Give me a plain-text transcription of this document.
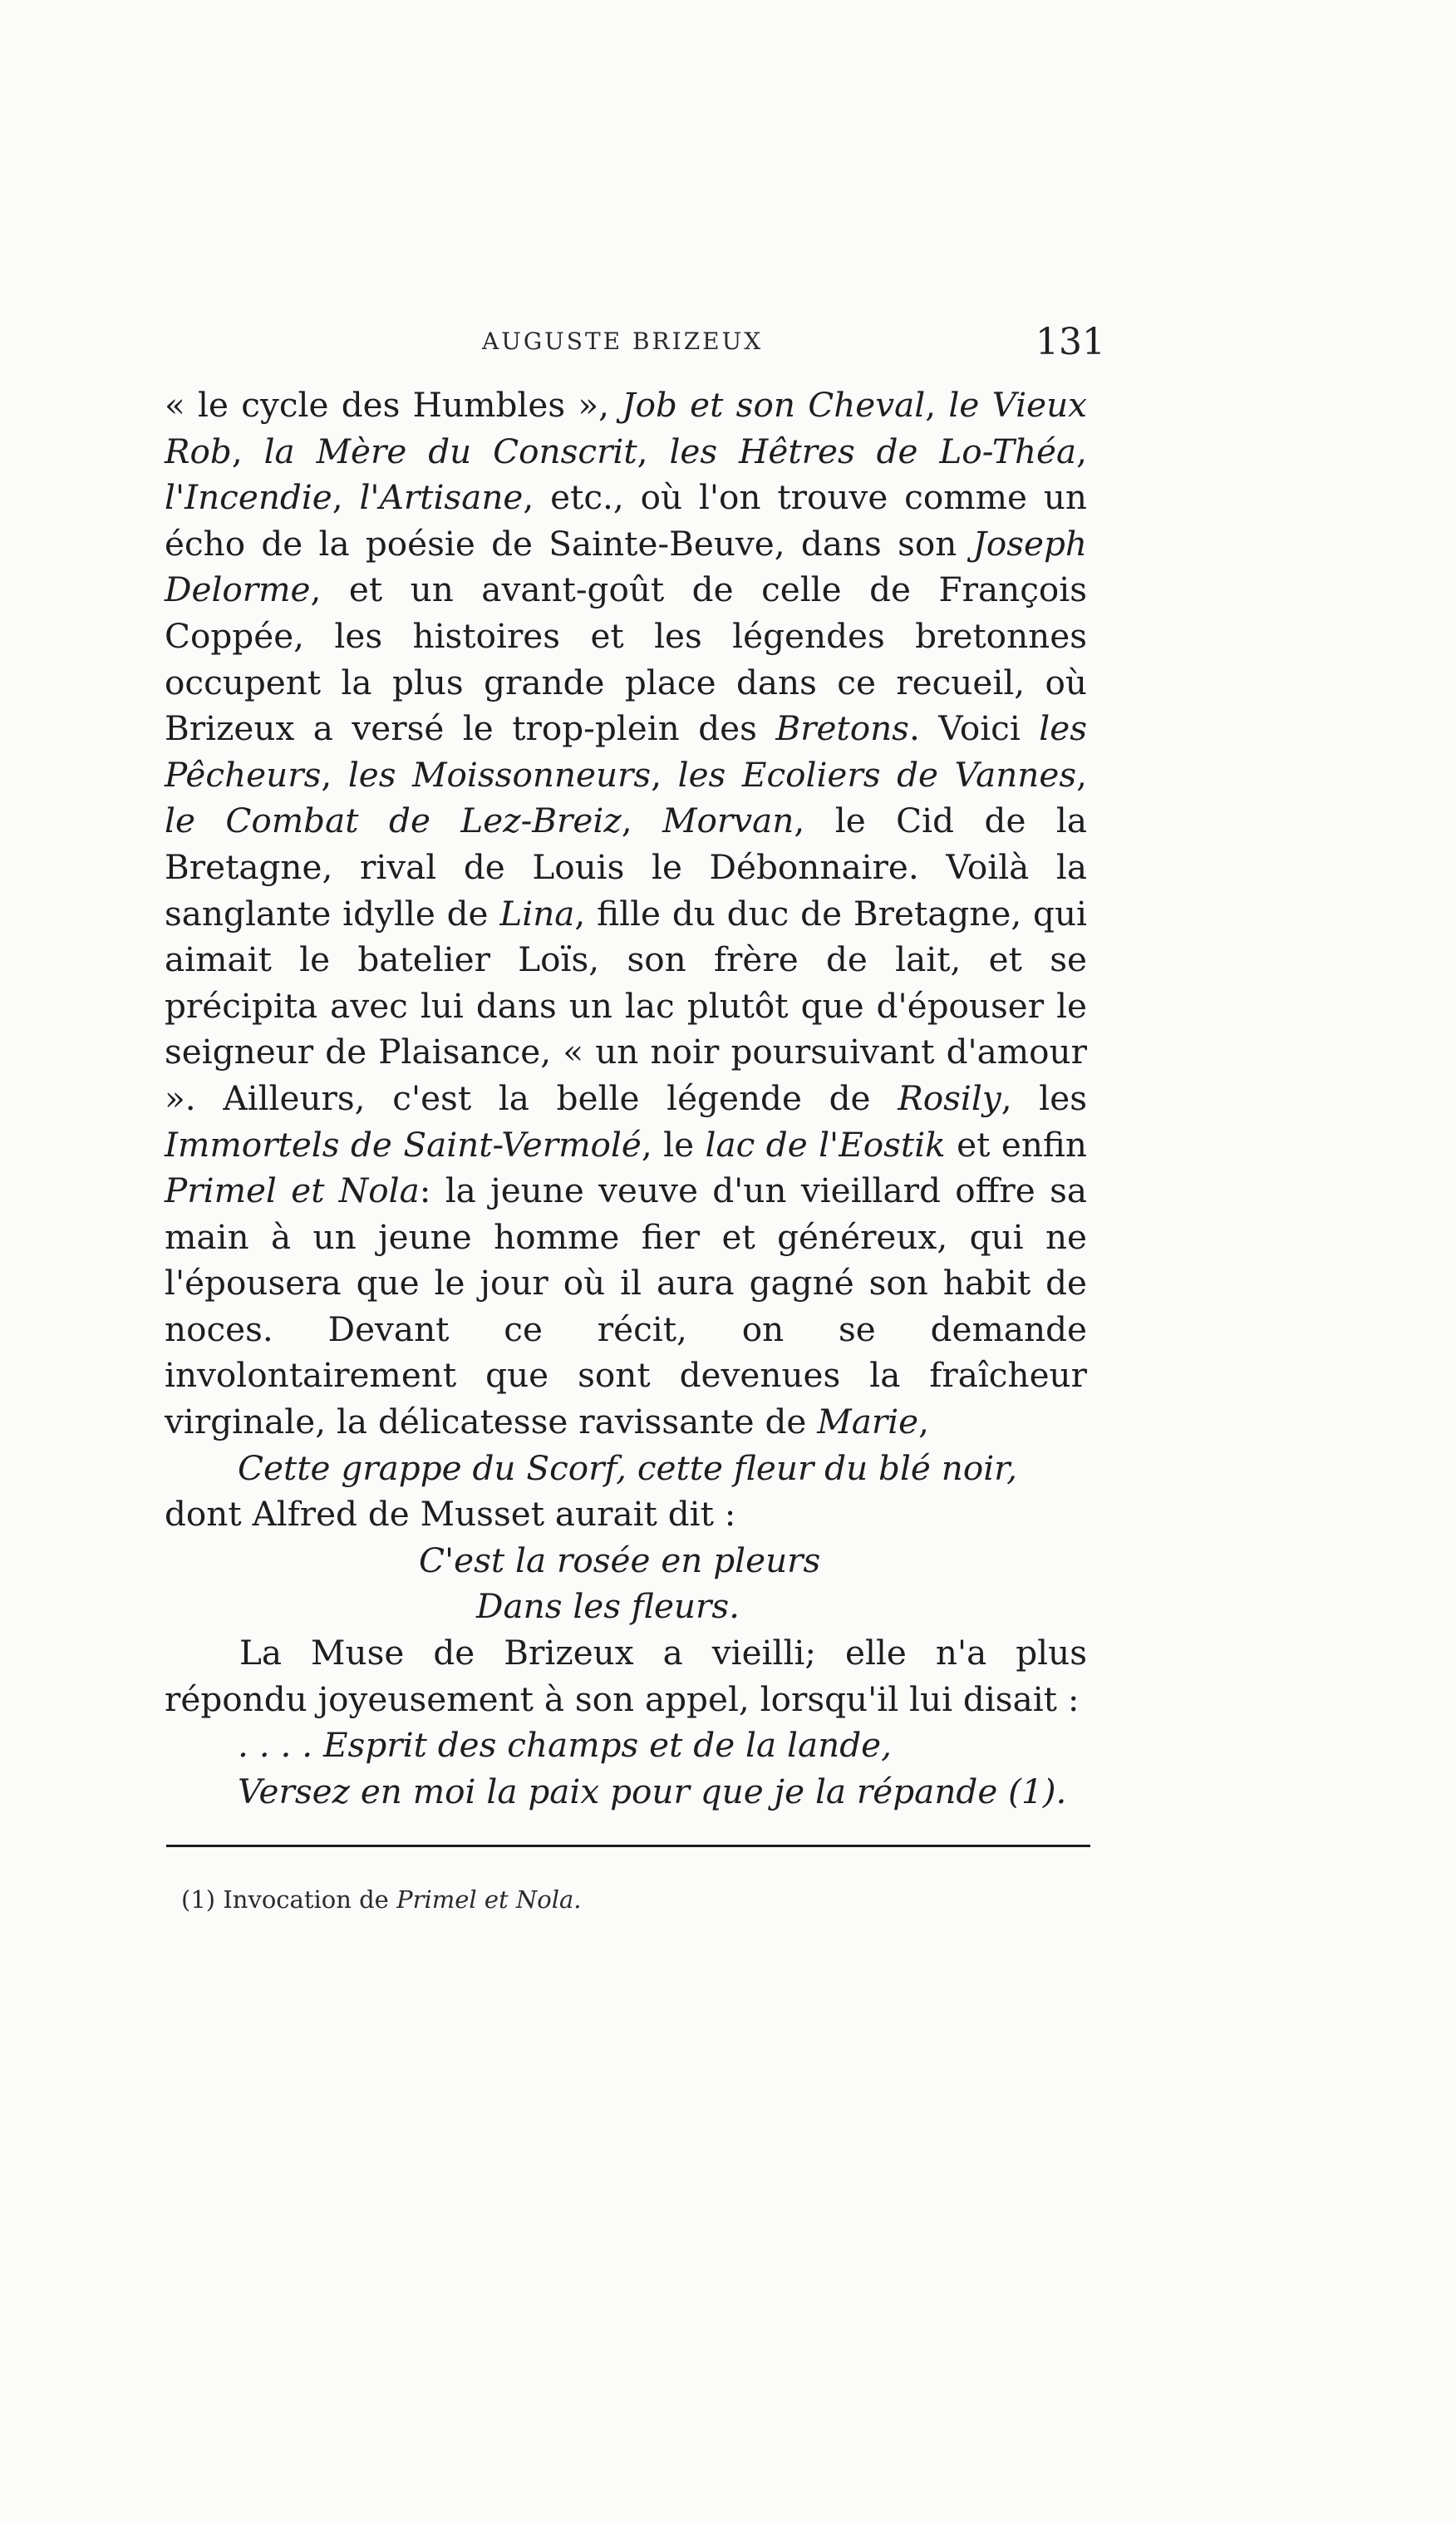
AUGUSTE BRIZEUX	131

« le cycle des Humbles », Job et son Cheval, le Vieux Rob, la Mère du Conscrit, les Hêtres de Lo-Théa, l'Incendie, l'Artisane, etc., où l'on trouve comme un écho de la poésie de Sainte-Beuve, dans son Joseph Delorme, et un avant-goût de celle de François Coppée, les histoires et les légendes bretonnes occupent la plus grande place dans ce recueil, où Brizeux a versé le trop-plein des Bretons. Voici les Pêcheurs, les Moissonneurs, les Ecoliers de Vannes, le Combat de Lez-Breiz, Morvan, le Cid de la Bretagne, rival de Louis le Débonnaire. Voilà la sanglante idylle de Lina, fille du duc de Bretagne, qui aimait le batelier Loïs, son frère de lait, et se précipita avec lui dans un lac plutôt que d'épouser le seigneur de Plaisance, « un noir poursuivant d'amour ». Ailleurs, c'est la belle légende de Rosily, les Immortels de Saint-Vermolé, le lac de l'Eostik et enfin Primel et Nola: la jeune veuve d'un vieillard offre sa main à un jeune homme fier et généreux, qui ne l'épousera que le jour où il aura gagné son habit de noces. Devant ce récit, on se demande involontairement que sont devenues la fraîcheur virginale, la délicatesse ravissante de Marie,

Cette grappe du Scorf, cette fleur du blé noir,

dont Alfred de Musset aurait dit :

C'est la rosée en pleurs

Dans les fleurs.

La Muse de Brizeux a vieilli; elle n'a plus répondu joyeusement à son appel, lorsqu'il lui disait :

. . . . Esprit des champs et de la lande,

Versez en moi la paix pour que je la répande (1).

(1) Invocation de Primel et Nola.
